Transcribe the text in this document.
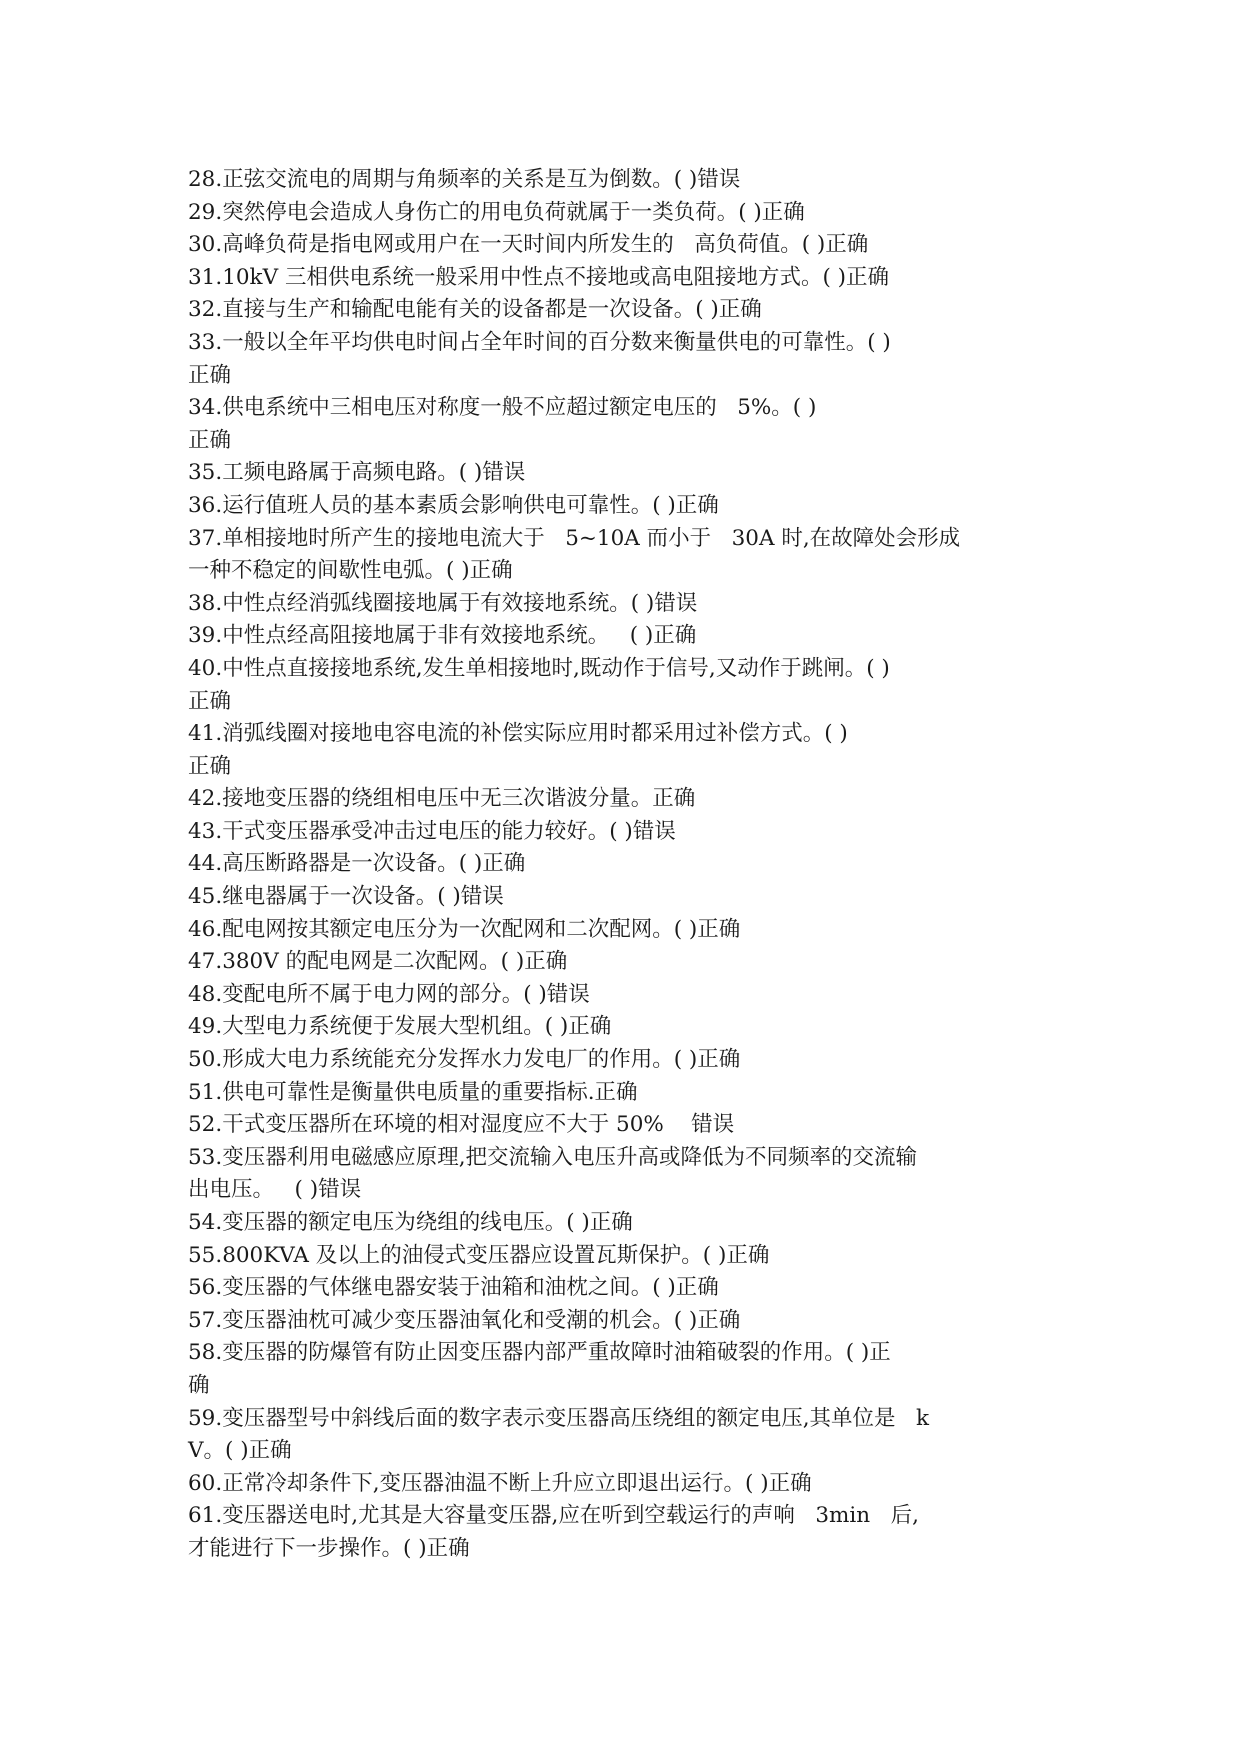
28.正弦交流电的周期与角频率的关系是互为倒数。( )错误
29.突然停电会造成人身伤亡的用电负荷就属于一类负荷。( )正确
30.高峰负荷是指电网或用户在一天时间内所发生的   高负荷值。( )正确
31.10kV 三相供电系统一般采用中性点不接地或高电阻接地方式。( )正确
32.直接与生产和输配电能有关的设备都是一次设备。( )正确
33.一般以全年平均供电时间占全年时间的百分数来衡量供电的可靠性。( )
正确
34.供电系统中三相电压对称度一般不应超过额定电压的   5%。( )
正确
35.工频电路属于高频电路。( )错误
36.运行值班人员的基本素质会影响供电可靠性。( )正确
37.单相接地时所产生的接地电流大于   5~10A 而小于   30A 时,在故障处会形成
一种不稳定的间歇性电弧。( )正确
38.中性点经消弧线圈接地属于有效接地系统。( )错误
39.中性点经高阻接地属于非有效接地系统。   ( )正确
40.中性点直接接地系统,发生单相接地时,既动作于信号,又动作于跳闸。( )
正确
41.消弧线圈对接地电容电流的补偿实际应用时都采用过补偿方式。( )
正确
42.接地变压器的绕组相电压中无三次谐波分量。正确
43.干式变压器承受冲击过电压的能力较好。( )错误
44.高压断路器是一次设备。( )正确
45.继电器属于一次设备。( )错误
46.配电网按其额定电压分为一次配网和二次配网。( )正确
47.380V 的配电网是二次配网。( )正确
48.变配电所不属于电力网的部分。( )错误
49.大型电力系统便于发展大型机组。( )正确
50.形成大电力系统能充分发挥水力发电厂的作用。( )正确
51.供电可靠性是衡量供电质量的重要指标.正确
52.干式变压器所在环境的相对湿度应不大于 50%    错误
53.变压器利用电磁感应原理,把交流输入电压升高或降低为不同频率的交流输
出电压。   ( )错误
54.变压器的额定电压为绕组的线电压。( )正确
55.800KVA 及以上的油侵式变压器应设置瓦斯保护。( )正确
56.变压器的气体继电器安装于油箱和油枕之间。( )正确
57.变压器油枕可减少变压器油氧化和受潮的机会。( )正确
58.变压器的防爆管有防止因变压器内部严重故障时油箱破裂的作用。( )正
确
59.变压器型号中斜线后面的数字表示变压器高压绕组的额定电压,其单位是   k
V。( )正确
60.正常冷却条件下,变压器油温不断上升应立即退出运行。( )正确
61.变压器送电时,尤其是大容量变压器,应在听到空载运行的声响   3min   后,
才能进行下一步操作。( )正确
